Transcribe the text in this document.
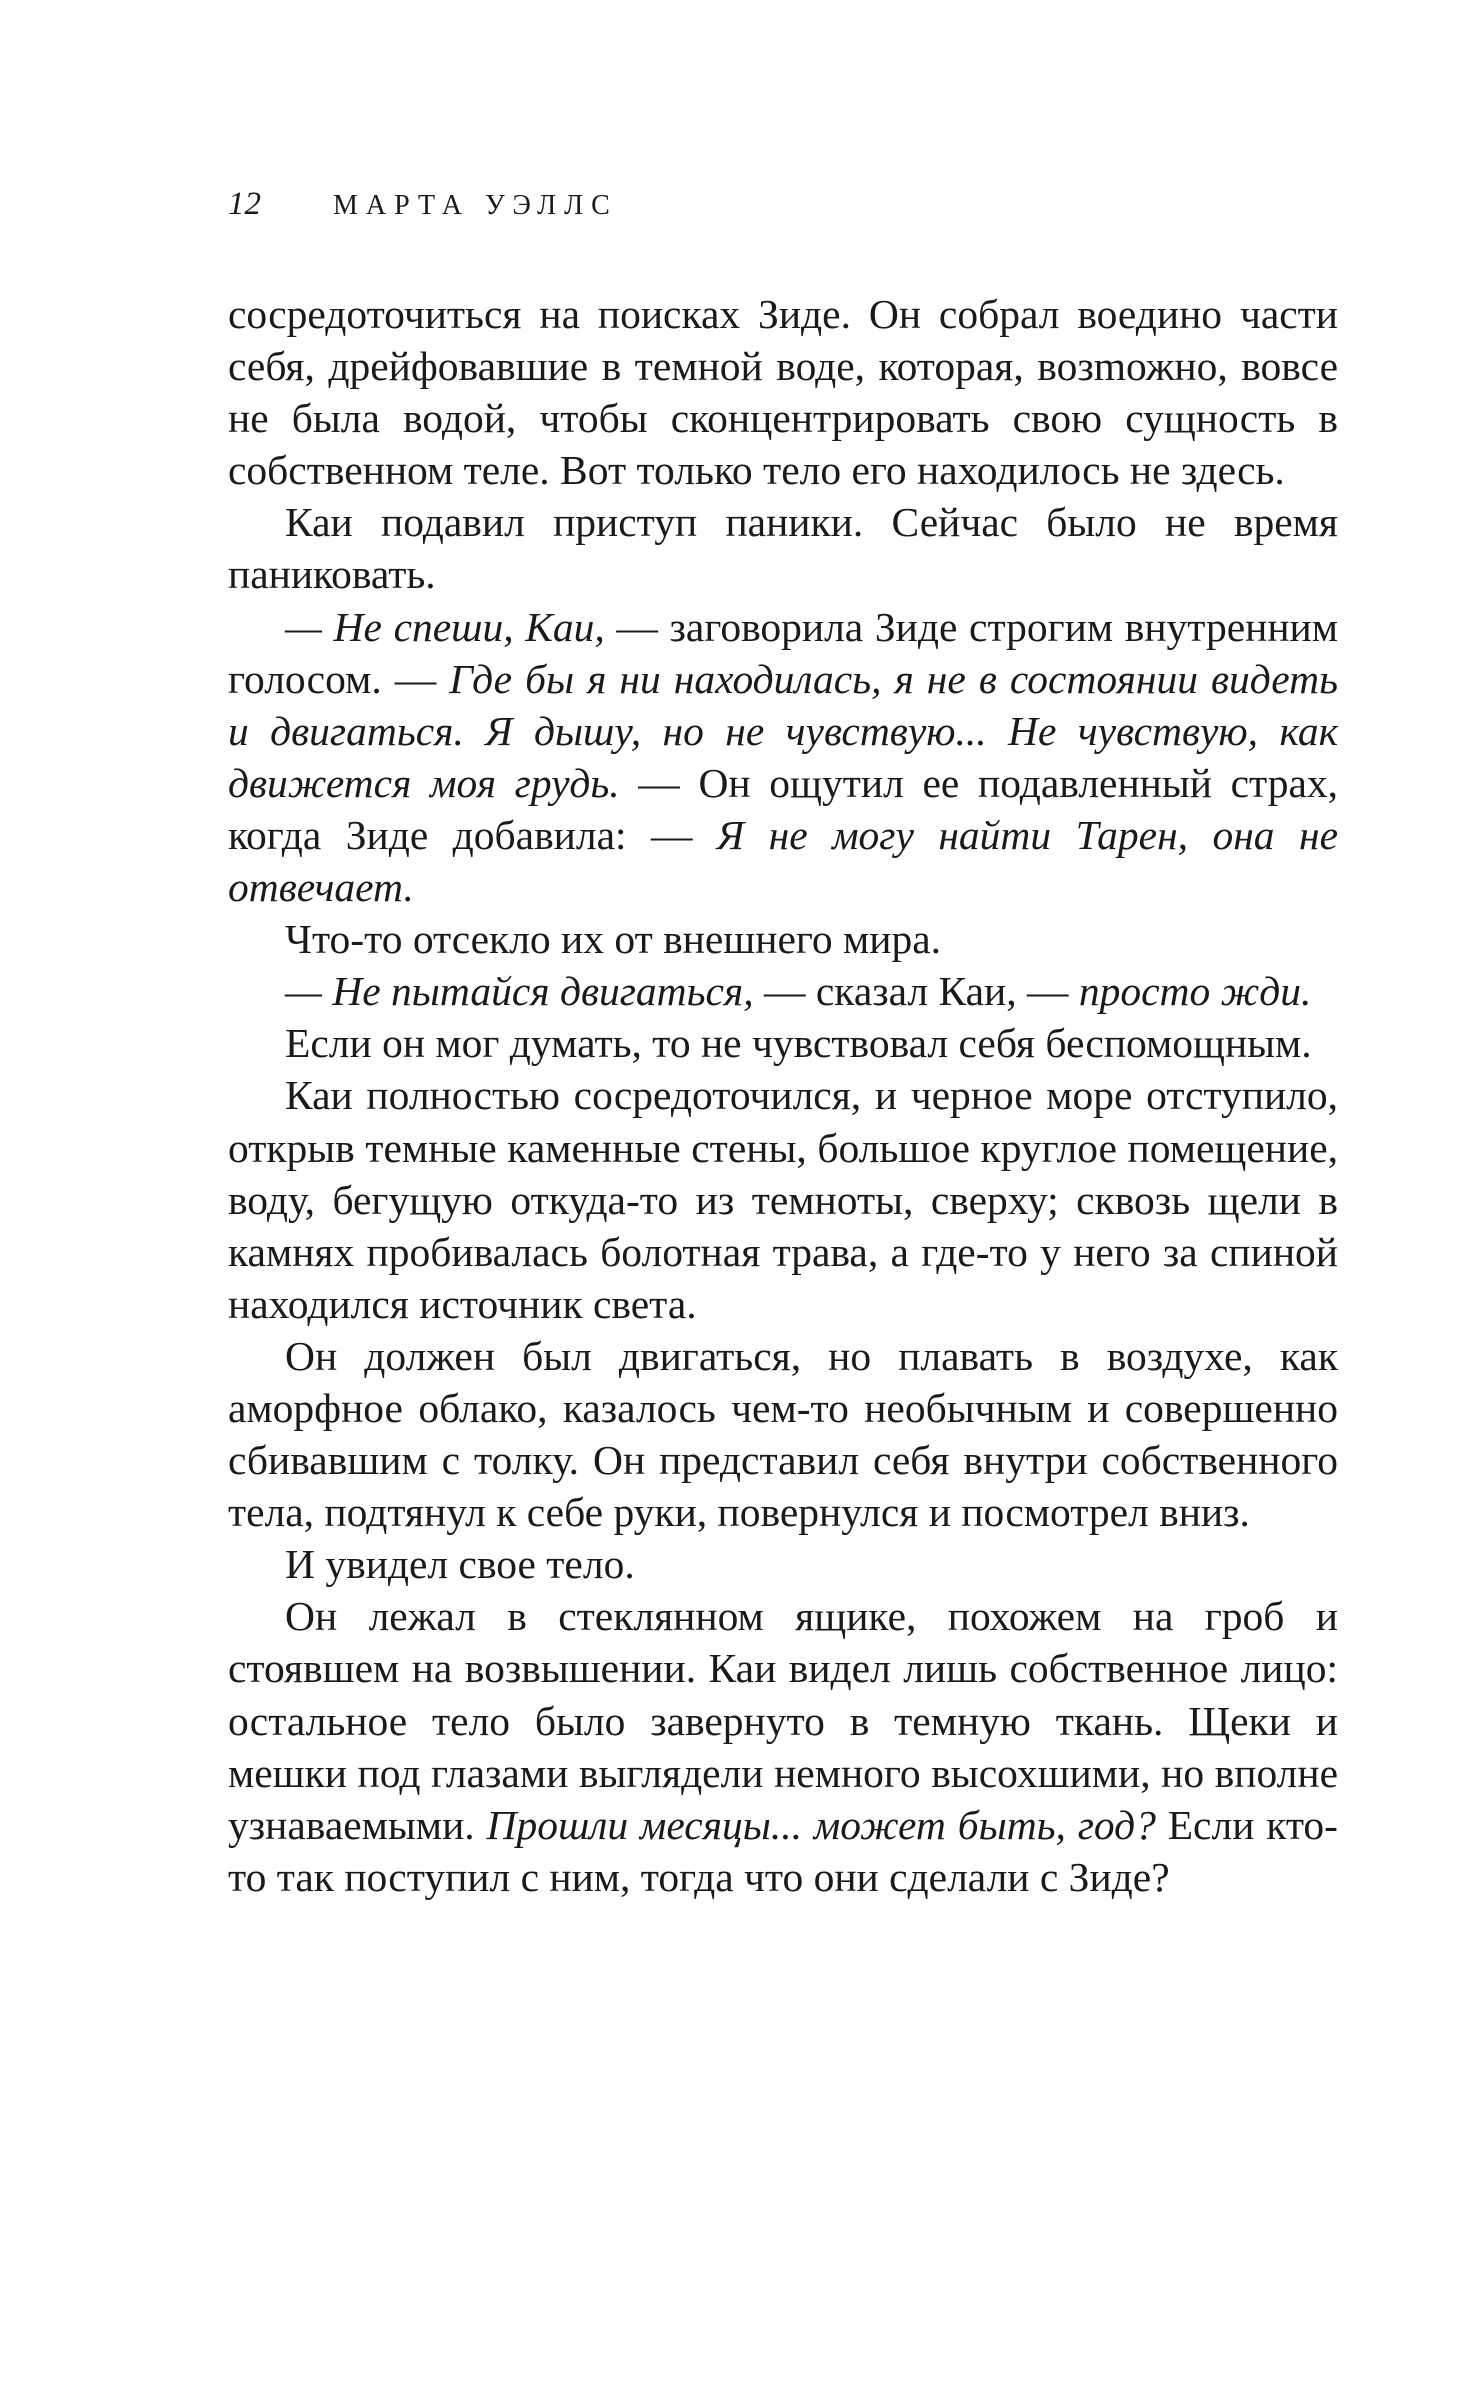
12	МАРТА УЭЛЛС

сосредоточиться на поисках Зиде. Он собрал воедино части себя, дрейфовавшие в темной воде, которая, возmожно, вовсе не была водой, чтобы сконцентрировать свою сущность в собственном теле. Вот только тело его находилось не здесь.

Каи подавил приступ паники. Сейчас было не время паниковать.

— Не спеши, Каи, — заговорила Зиде строгим внутренним голосом. — Где бы я ни находилась, я не в состоянии видеть и двигаться. Я дышу, но не чувствую... Не чувствую, как движется моя грудь. — Он ощутил ее подавленный страх, когда Зиде добавила: — Я не могу найти Тарен, она не отвечает.

Что-то отсекло их от внешнего мира.

— Не пытайся двигаться, — сказал Каи, — просто жди.

Если он мог думать, то не чувствовал себя беспомощным.

Каи полностью сосредоточился, и черное море отступило, открыв темные каменные стены, большое круглое помещение, воду, бегущую откуда-то из темноты, сверху; сквозь щели в камнях пробивалась болотная трава, а где-то у него за спиной находился источник света.

Он должен был двигаться, но плавать в воздухе, как аморфное облако, казалось чем-то необычным и совершенно сбивавшим с толку. Он представил себя внутри собственного тела, подтянул к себе руки, повернулся и посмотрел вниз.

И увидел свое тело.

Он лежал в стеклянном ящике, похожем на гроб и стоявшем на возвышении. Каи видел лишь собственное лицо: остальное тело было завернуто в темную ткань. Щеки и мешки под глазами выглядели немного высохшими, но вполне узнаваемыми. Прошли месяцы... может быть, год? Если кто-то так поступил с ним, тогда что они сделали с Зиде?
